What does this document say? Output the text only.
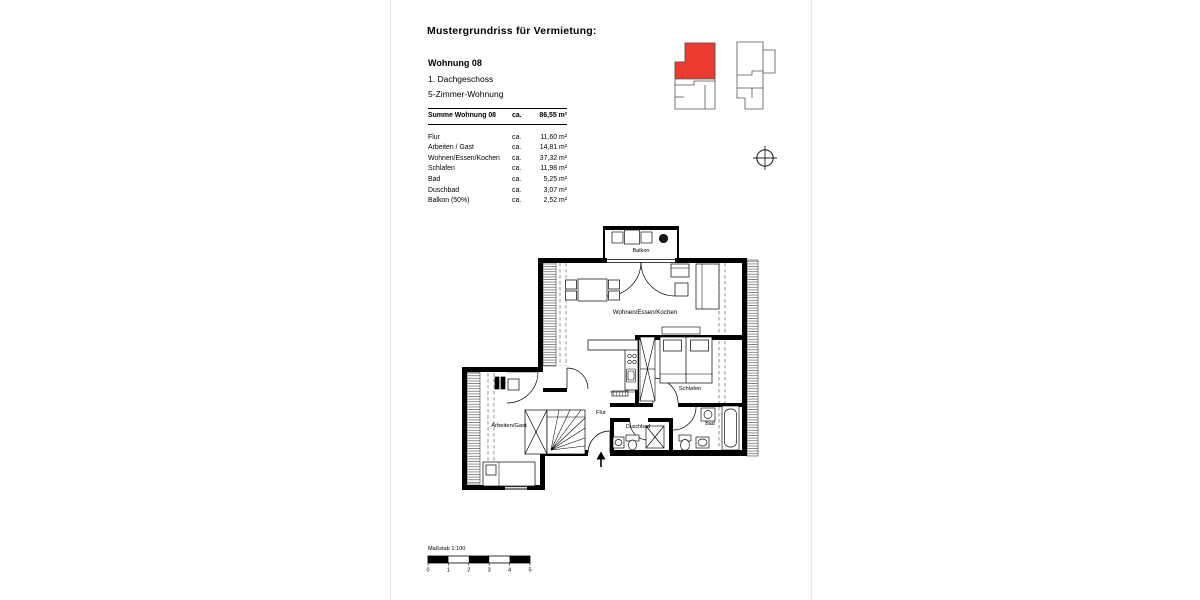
Mustergrundriss für Vermietung:
Wohnung 08
1. Dachgeschoss
5-Zimmer-Wohnung
Summe Wohnung 08	ca.	86,55 m²
Flur	ca.	11,60 m²
Arbeiten / Gast	ca.	14,81 m²
Wohnen/Essen/Kochen	ca.	37,32 m²
Schlafen	ca.	11,98 m²
Bad	ca.	5,25 m²
Duschbad	ca.	3,07 m²
Balkon (50%)	ca.	2,52 m²
Balkon
Wohnen/Essen/Kochen
Schlafen
Flur
Arbeiten/Gast	Duschbad	Bad
Maßstab 1:100
0	1	2	3	4	5
